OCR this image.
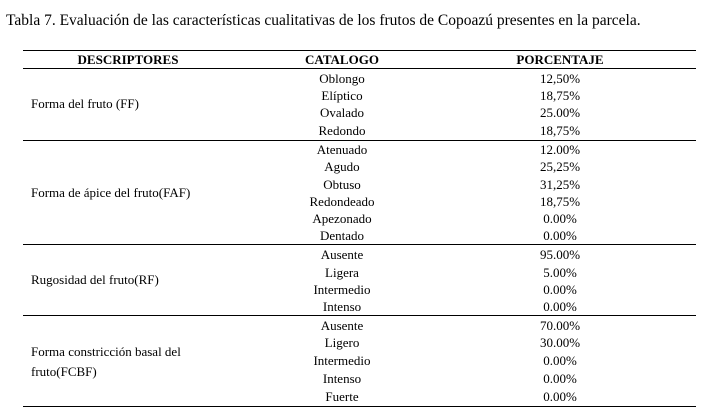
Tabla 7. Evaluación de las características cualitativas de los frutos de Copoazú presentes en la parcela.
DESCRIPTORES	CATALOGO	PORCENTAJE
Forma del fruto (FF)
Oblongo	12,50%
Elíptico	18,75%
Ovalado	25.00%
Redondo	18,75%
Forma de ápice del fruto(FAF)
Atenuado	12.00%
Agudo	25,25%
Obtuso	31,25%
Redondeado	18,75%
Apezonado	0.00%
Dentado	0.00%
Rugosidad del fruto(RF)
Ausente	95.00%
Ligera	5.00%
Intermedio	0.00%
Intenso	0.00%
Forma constricción basal del
fruto(FCBF)
Ausente	70.00%
Ligero	30.00%
Intermedio	0.00%
Intenso	0.00%
Fuerte	0.00%
